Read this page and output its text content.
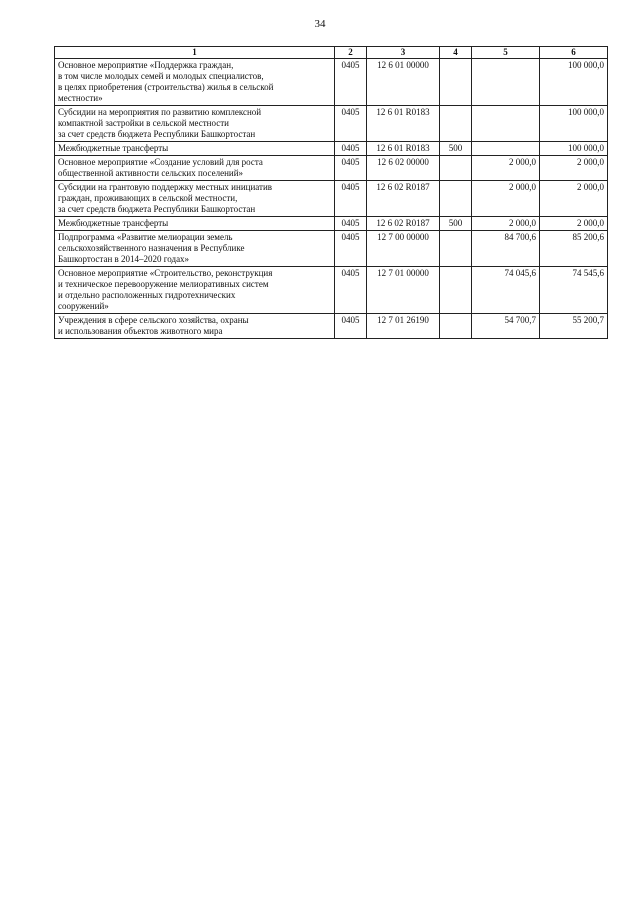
34
1	2	3	4	5	6
Основное мероприятие «Поддержка граждан,
в том числе молодых семей и молодых специалистов,
в целях приобретения (строительства) жилья в сельской
местности»	0405	12 6 01 00000			100 000,0
Субсидии на мероприятия по развитию комплексной
компактной застройки в сельской местности
за счет средств бюджета Республики Башкортостан	0405	12 6 01 R0183			100 000,0
Межбюджетные трансферты	0405	12 6 01 R0183	500		100 000,0
Основное мероприятие «Создание условий для роста
общественной активности сельских поселений»	0405	12 6 02 00000		2 000,0	2 000,0
Субсидии на грантовую поддержку местных инициатив
граждан, проживающих в сельской местности,
за счет средств бюджета Республики Башкортостан	0405	12 6 02 R0187		2 000,0	2 000,0
Межбюджетные трансферты	0405	12 6 02 R0187	500	2 000,0	2 000,0
Подпрограмма «Развитие мелиорации земель
сельскохозяйственного назначения в Республике
Башкортостан в 2014–2020 годах»	0405	12 7 00 00000		84 700,6	85 200,6
Основное мероприятие «Строительство, реконструкция
и техническое перевооружение мелиоративных систем
и отдельно расположенных гидротехнических
сооружений»	0405	12 7 01 00000		74 045,6	74 545,6
Учреждения в сфере сельского хозяйства, охраны
и использования объектов животного мира	0405	12 7 01 26190		54 700,7	55 200,7
